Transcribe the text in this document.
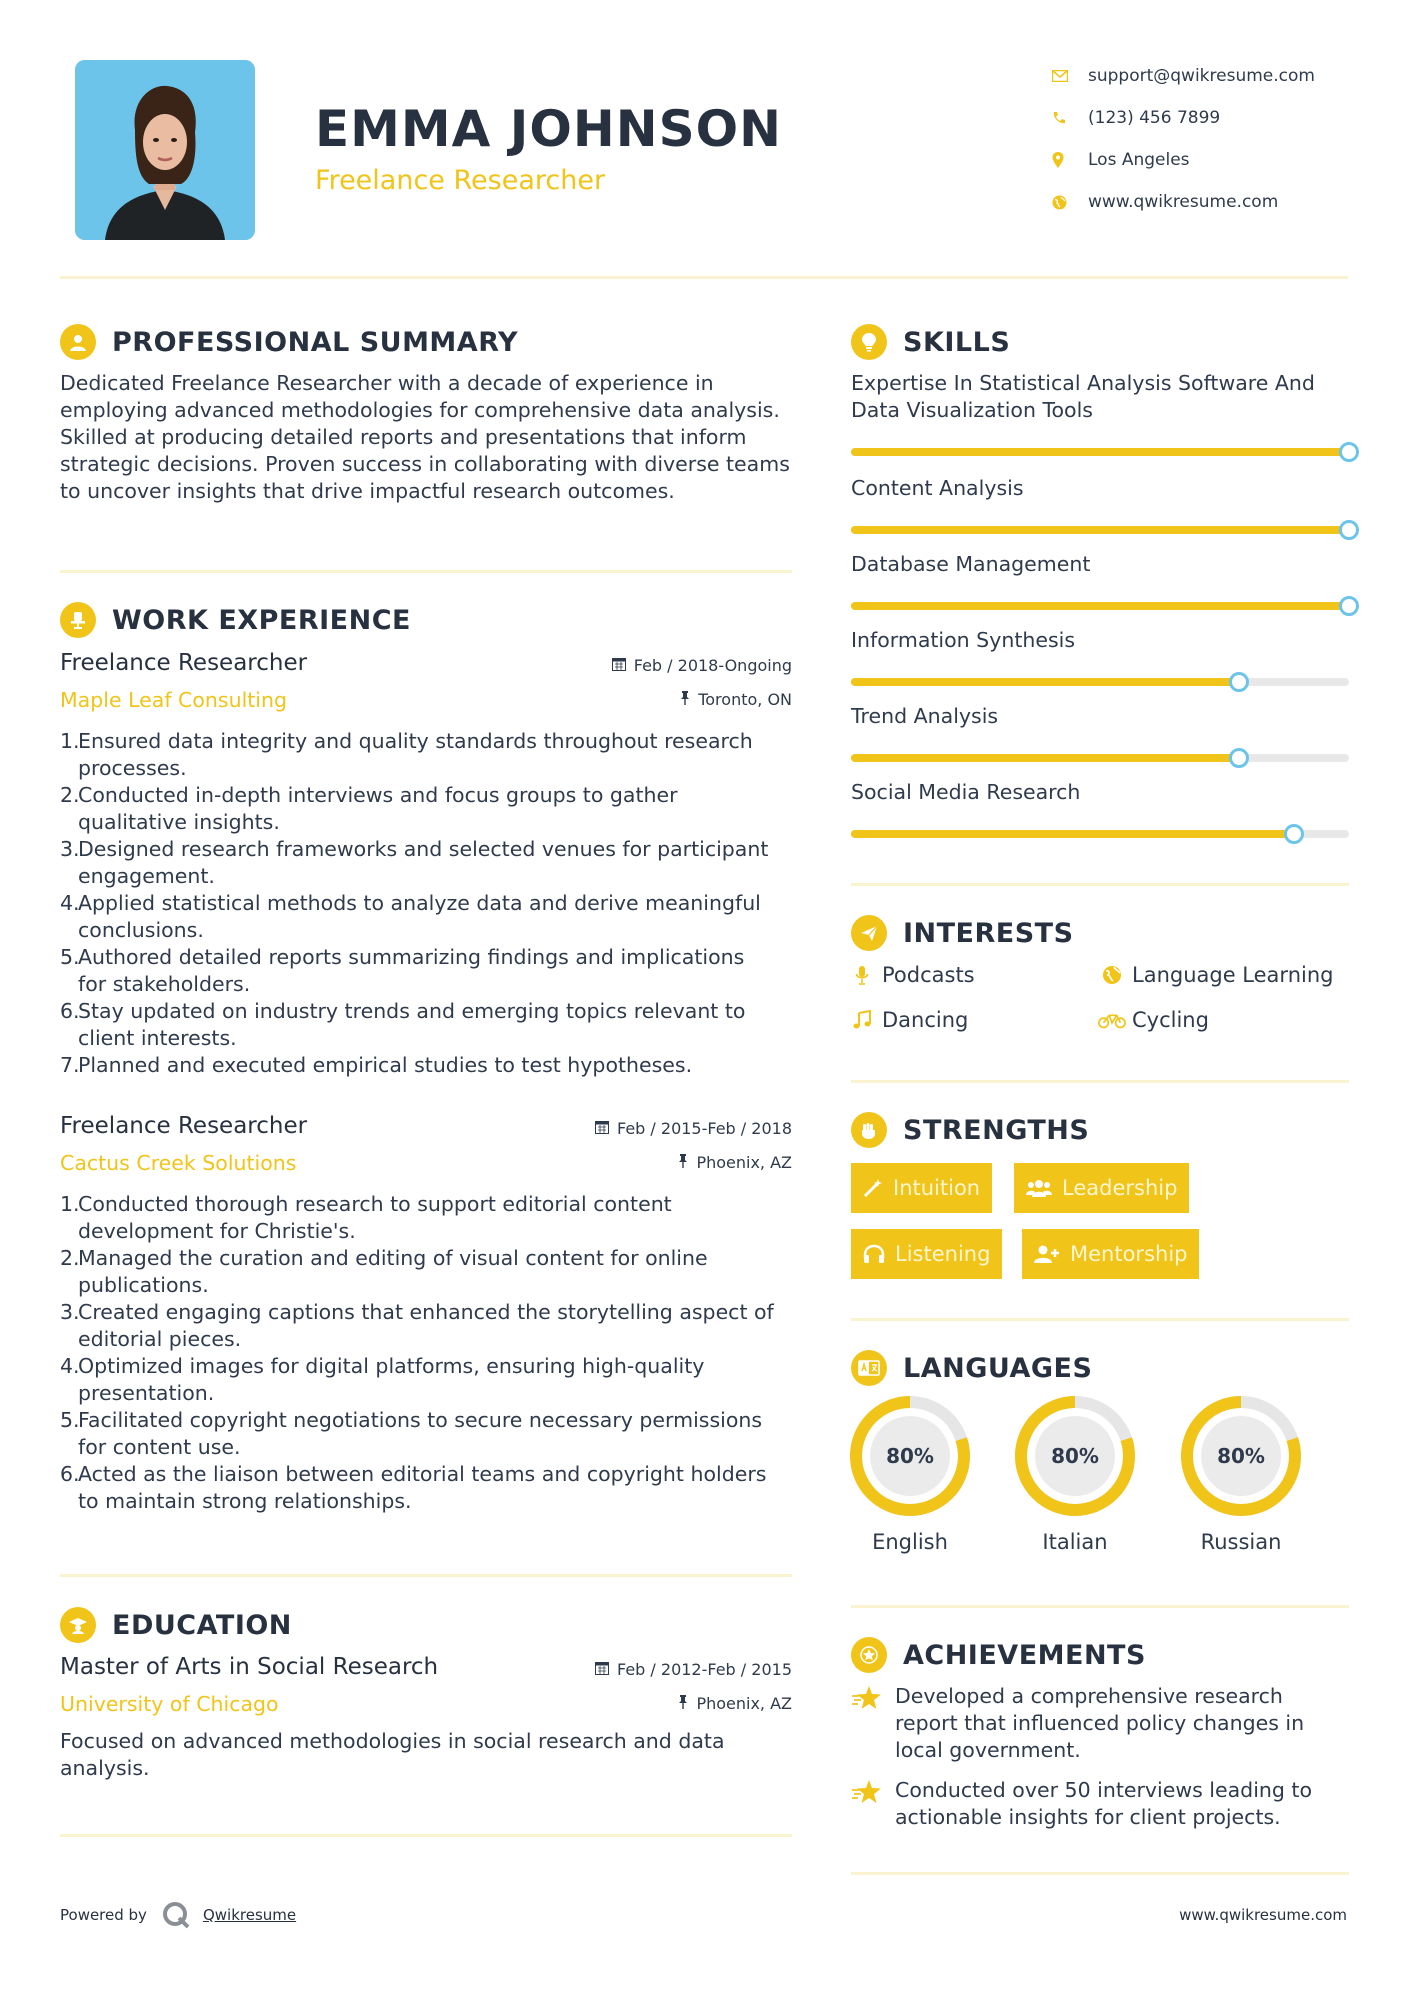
EMMA JOHNSON
Freelance Researcher
support@qwikresume.com
(123) 456 7899
Los Angeles
www.qwikresume.com
PROFESSIONAL SUMMARY
Dedicated Freelance Researcher with a decade of experience in employing advanced methodologies for comprehensive data analysis. Skilled at producing detailed reports and presentations that inform strategic decisions. Proven success in collaborating with diverse teams to uncover insights that drive impactful research outcomes.
WORK EXPERIENCE
Freelance Researcher	Feb / 2018-Ongoing
Maple Leaf Consulting	Toronto, ON
1.
Ensured data integrity and quality standards throughout research
processes.
2.
Conducted in-depth interviews and focus groups to gather
qualitative insights.
3.
Designed research frameworks and selected venues for participant
engagement.
4.
Applied statistical methods to analyze data and derive meaningful
conclusions.
5.
Authored detailed reports summarizing findings and implications
for stakeholders.
6.
Stay updated on industry trends and emerging topics relevant to
client interests.
7.
Planned and executed empirical studies to test hypotheses.
Freelance Researcher	Feb / 2015-Feb / 2018
Cactus Creek Solutions	Phoenix, AZ
1.
Conducted thorough research to support editorial content
development for Christie's.
2.
Managed the curation and editing of visual content for online
publications.
3.
Created engaging captions that enhanced the storytelling aspect of
editorial pieces.
4.
Optimized images for digital platforms, ensuring high-quality
presentation.
5.
Facilitated copyright negotiations to secure necessary permissions
for content use.
6.
Acted as the liaison between editorial teams and copyright holders
to maintain strong relationships.
EDUCATION
Master of Arts in Social Research	Feb / 2012-Feb / 2015
University of Chicago	Phoenix, AZ
Focused on advanced methodologies in social research and data
analysis.
SKILLS
Expertise In Statistical Analysis Software And
Data Visualization Tools
Content Analysis
Database Management
Information Synthesis
Trend Analysis
Social Media Research
INTERESTS
Podcasts	Language Learning
Dancing	Cycling
STRENGTHS
Intuition	Leadership
Listening	Mentorship
LANGUAGES
80%
English
80%
Italian
80%
Russian
ACHIEVEMENTS
Developed a comprehensive research
report that influenced policy changes in
local government.
Conducted over 50 interviews leading to
actionable insights for client projects.
Powered by	Qwikresume	www.qwikresume.com
